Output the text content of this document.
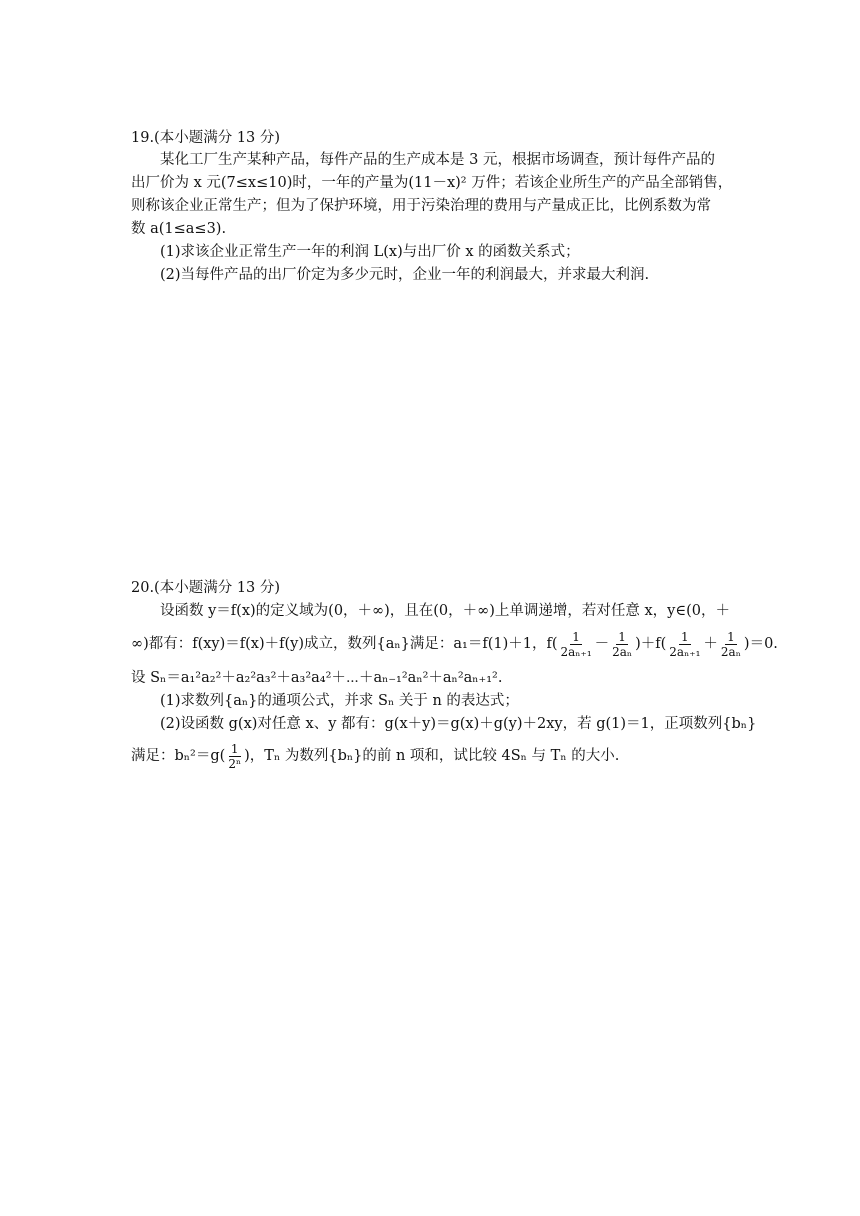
19.(本小题满分 13 分)
某化工厂生产某种产品，每件产品的生产成本是 3 元，根据市场调查，预计每件产品的
出厂价为 x 元(7≤x≤10)时，一年的产量为(11－x)² 万件；若该企业所生产的产品全部销售，
则称该企业正常生产；但为了保护环境，用于污染治理的费用与产量成正比，比例系数为常
数 a(1≤a≤3).
(1)求该企业正常生产一年的利润 L(x)与出厂价 x 的函数关系式；
(2)当每件产品的出厂价定为多少元时，企业一年的利润最大，并求最大利润.
20.(本小题满分 13 分)
设函数 y＝f(x)的定义域为(0，＋∞)，且在(0，＋∞)上单调递增，若对任意 x，y∈(0，＋
∞)都有：f(xy)＝f(x)＋f(y)成立，数列{aₙ}满足：a₁＝f(1)＋1，$f( \frac{1}{\text{2aₙ₊₁}} - \frac{1}{\text{2aₙ}} )+f( \frac{1}{\text{2aₙ₊₁}} + \frac{1}{\text{2aₙ}} )=0$.
设 Sₙ＝a₁²a₂²＋a₂²a₃²＋a₃²a₄²＋⋯＋aₙ₋₁²aₙ²＋aₙ²aₙ₊₁².
(1)求数列{aₙ}的通项公式，并求 Sₙ 关于 n 的表达式；
(2)设函数 g(x)对任意 x、y 都有：g(x＋y)＝g(x)＋g(y)＋2xy，若 g(1)＝1，正项数列{bₙ}
满足：$b_n^2=g( \frac{1}{\text{2ⁿ}}$ )，Tₙ 为数列{bₙ}的前 n 项和，试比较 4Sₙ 与 Tₙ 的大小.
